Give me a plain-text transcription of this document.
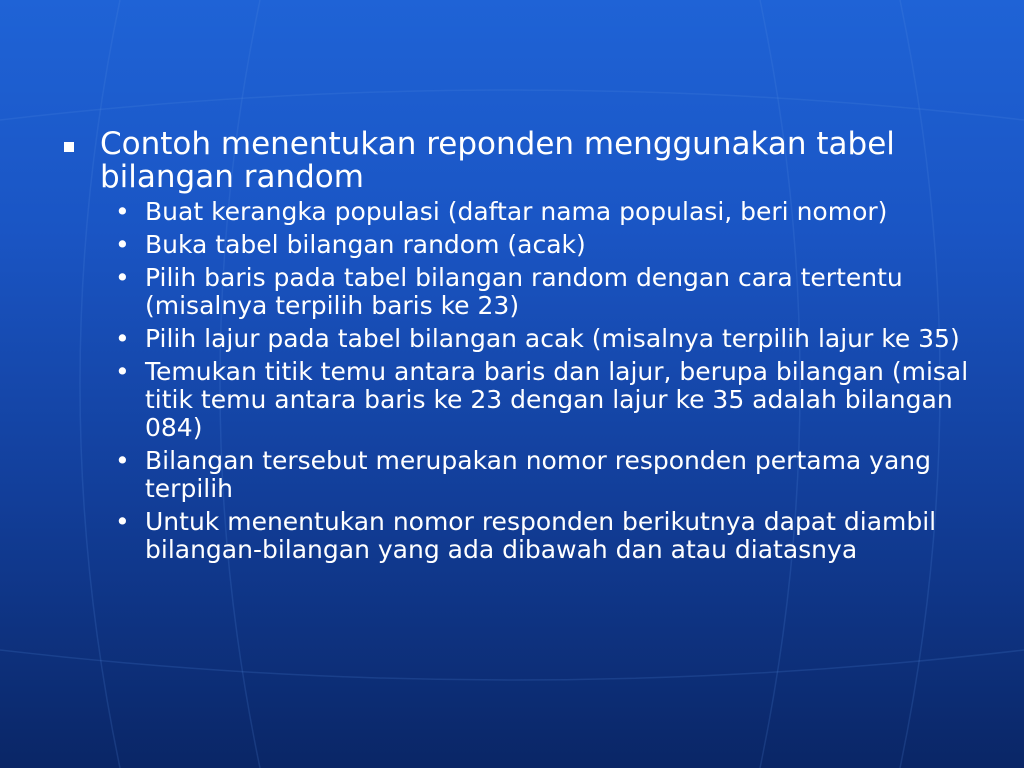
Contoh menentukan reponden menggunakan tabel bilangan random
• Buat kerangka populasi (daftar nama populasi, beri nomor)
• Buka tabel bilangan random (acak)
• Pilih baris pada tabel bilangan random dengan cara tertentu (misalnya terpilih baris ke 23)
• Pilih lajur pada tabel bilangan acak (misalnya terpilih lajur ke 35)
• Temukan titik temu antara baris dan lajur, berupa bilangan (misal titik temu antara baris ke 23 dengan lajur ke 35 adalah bilangan 084)
• Bilangan tersebut merupakan nomor responden pertama yang terpilih
• Untuk menentukan nomor responden berikutnya dapat diambil bilangan-bilangan yang ada dibawah dan atau diatasnya
